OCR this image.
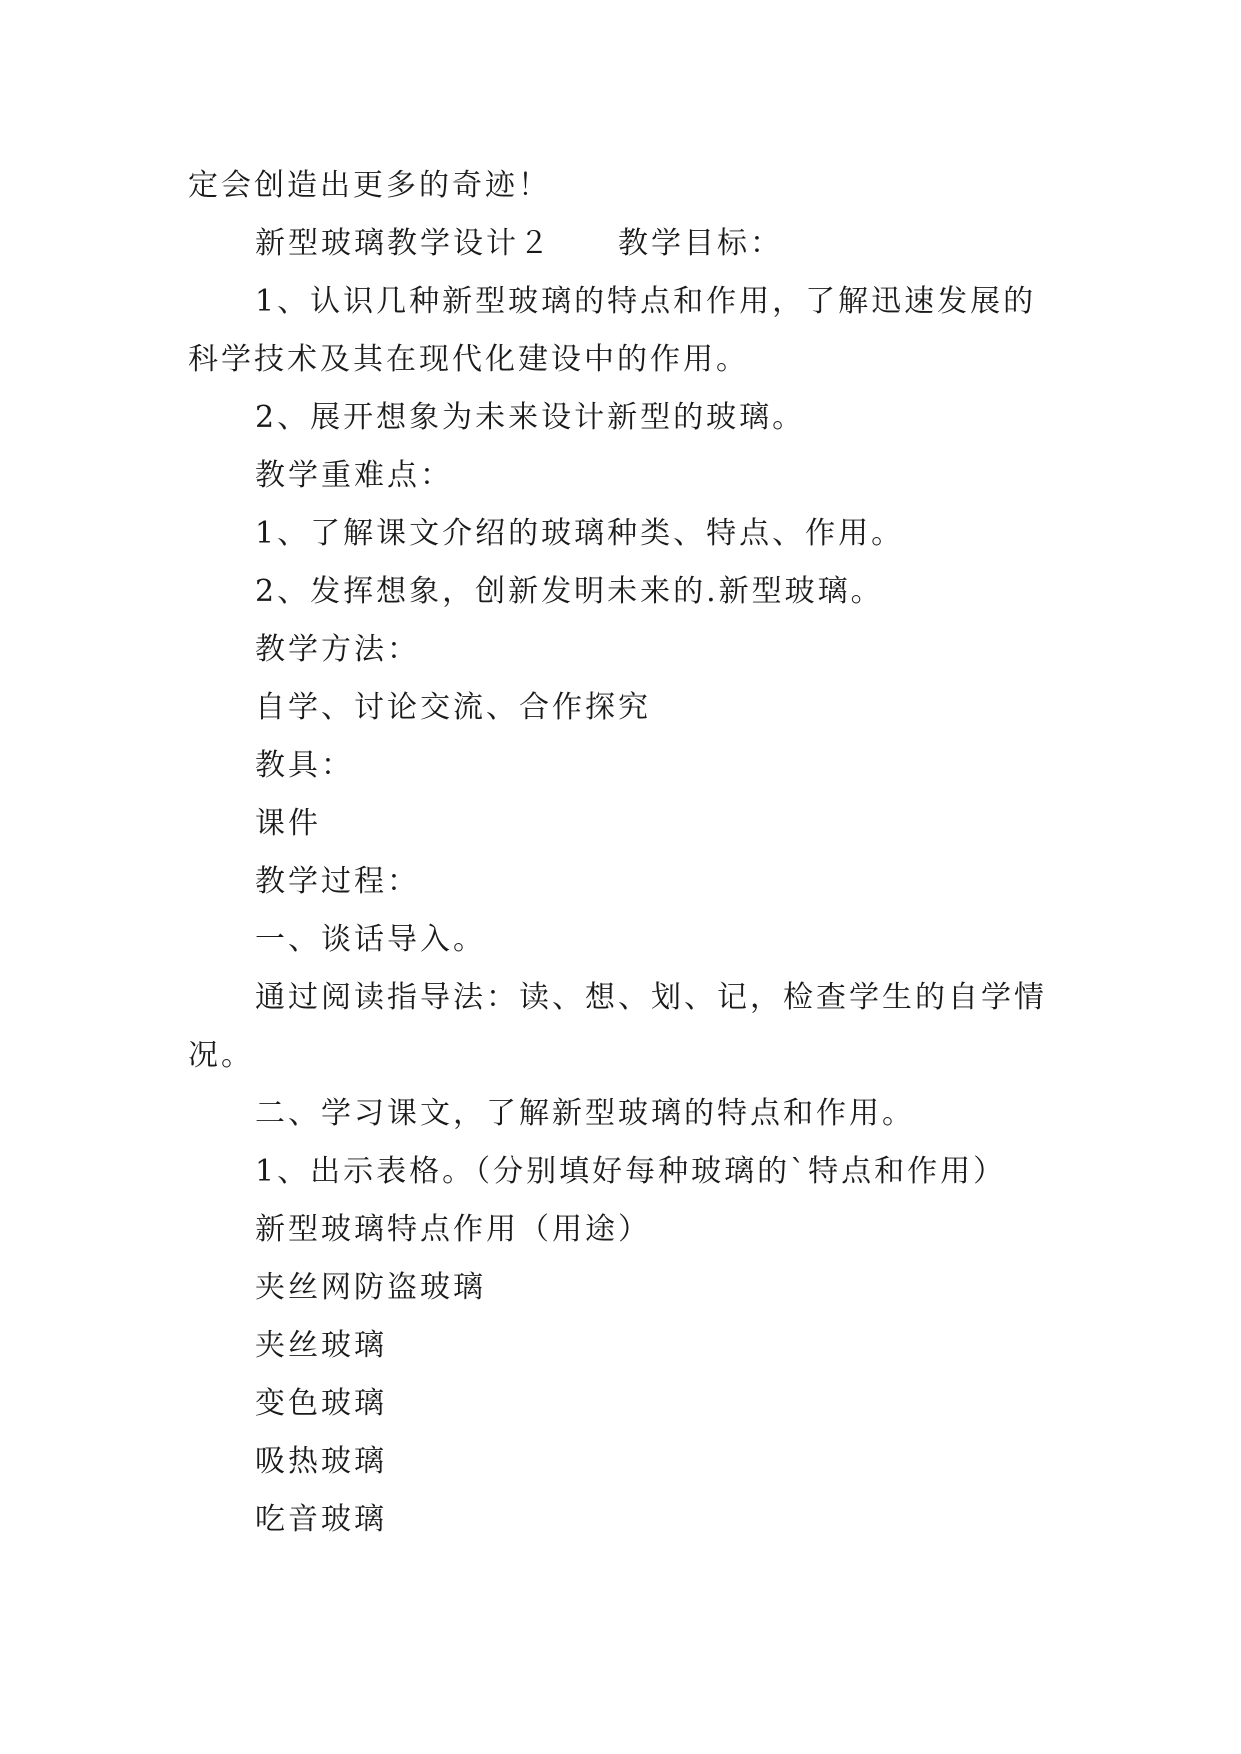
定会创造出更多的奇迹！
新型玻璃教学设计２　　教学目标：
1、认识几种新型玻璃的特点和作用，了解迅速发展的
科学技术及其在现代化建设中的作用。
2、展开想象为未来设计新型的玻璃。
教学重难点：
1、了解课文介绍的玻璃种类、特点、作用。
2、发挥想象，创新发明未来的.新型玻璃。
教学方法：
自学、讨论交流、合作探究
教具：
课件
教学过程：
一、谈话导入。
通过阅读指导法：读、想、划、记，检查学生的自学情
况。
二、学习课文，了解新型玻璃的特点和作用。
1、出示表格。（分别填好每种玻璃的`特点和作用）
新型玻璃特点作用（用途）
夹丝网防盗玻璃
夹丝玻璃
变色玻璃
吸热玻璃
吃音玻璃
